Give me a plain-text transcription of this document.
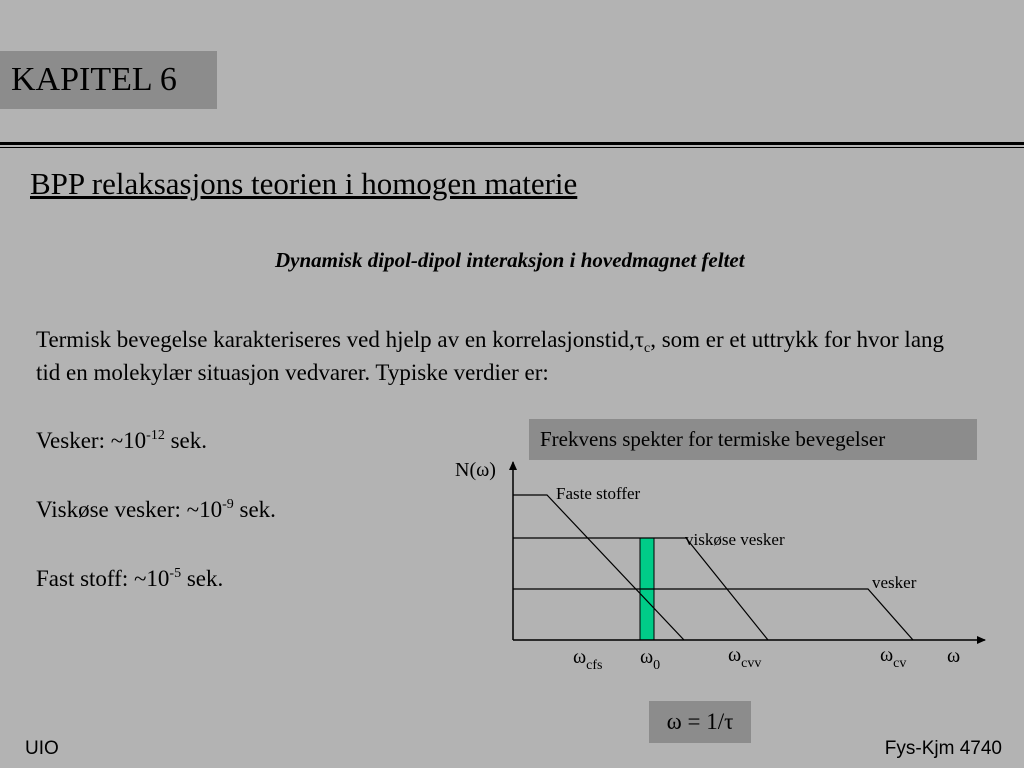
KAPITEL 6
BPP relaksasjons teorien i homogen materie
Dynamisk dipol-dipol interaksjon i hovedmagnet feltet
Termisk bevegelse karakteriseres ved hjelp av en $korrelasjonstid,\tau_c$, som er et uttrykk for hvor lang tid en molekylær situasjon vedvarer. Typiske verdier er:
Vesker: $\sim 10^{-12}$ sek.
Viskøse vesker: $\sim 10^{-9}$ sek.
Fast stoff: $\sim 10^{-5}$ sek.
Frekvens spekter for termiske bevegelser
N(ω)
Faste stoffer
viskøse vesker
vesker
$\omega_{cfs}$ $\omega_0$	$\omega_{cvv}$	$\omega_{cv}$ ω
ω = 1/τ
UIO	Fys-Kjm 4740
